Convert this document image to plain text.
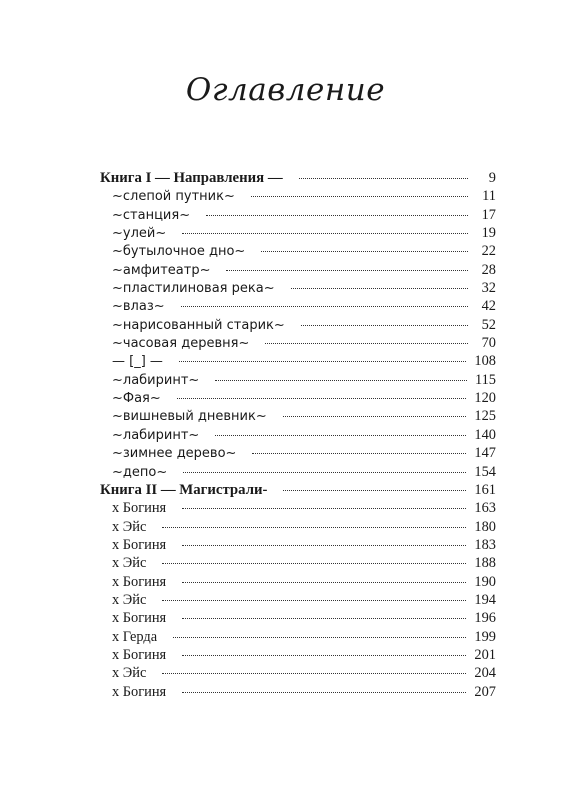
Оглавление
Книга I — Направления —	9
~слепой путник~	11
~станция~	17
~улей~	19
~бутылочное дно~	22
~амфитеатр~	28
~пластилиновая река~	32
~влаз~	42
~нарисованный старик~	52
~часовая деревня~	70
— [_] —	108
~лабиринт~	115
~Фая~	120
~вишневый дневник~	125
~лабиринт~	140
~зимнее дерево~	147
~депо~	154
Книга II — Магистрали-	161
х Богиня	163
х Эйс	180
х Богиня	183
х Эйс	188
х Богиня	190
х Эйс	194
х Богиня	196
х Герда	199
х Богиня	201
х Эйс	204
х Богиня	207
